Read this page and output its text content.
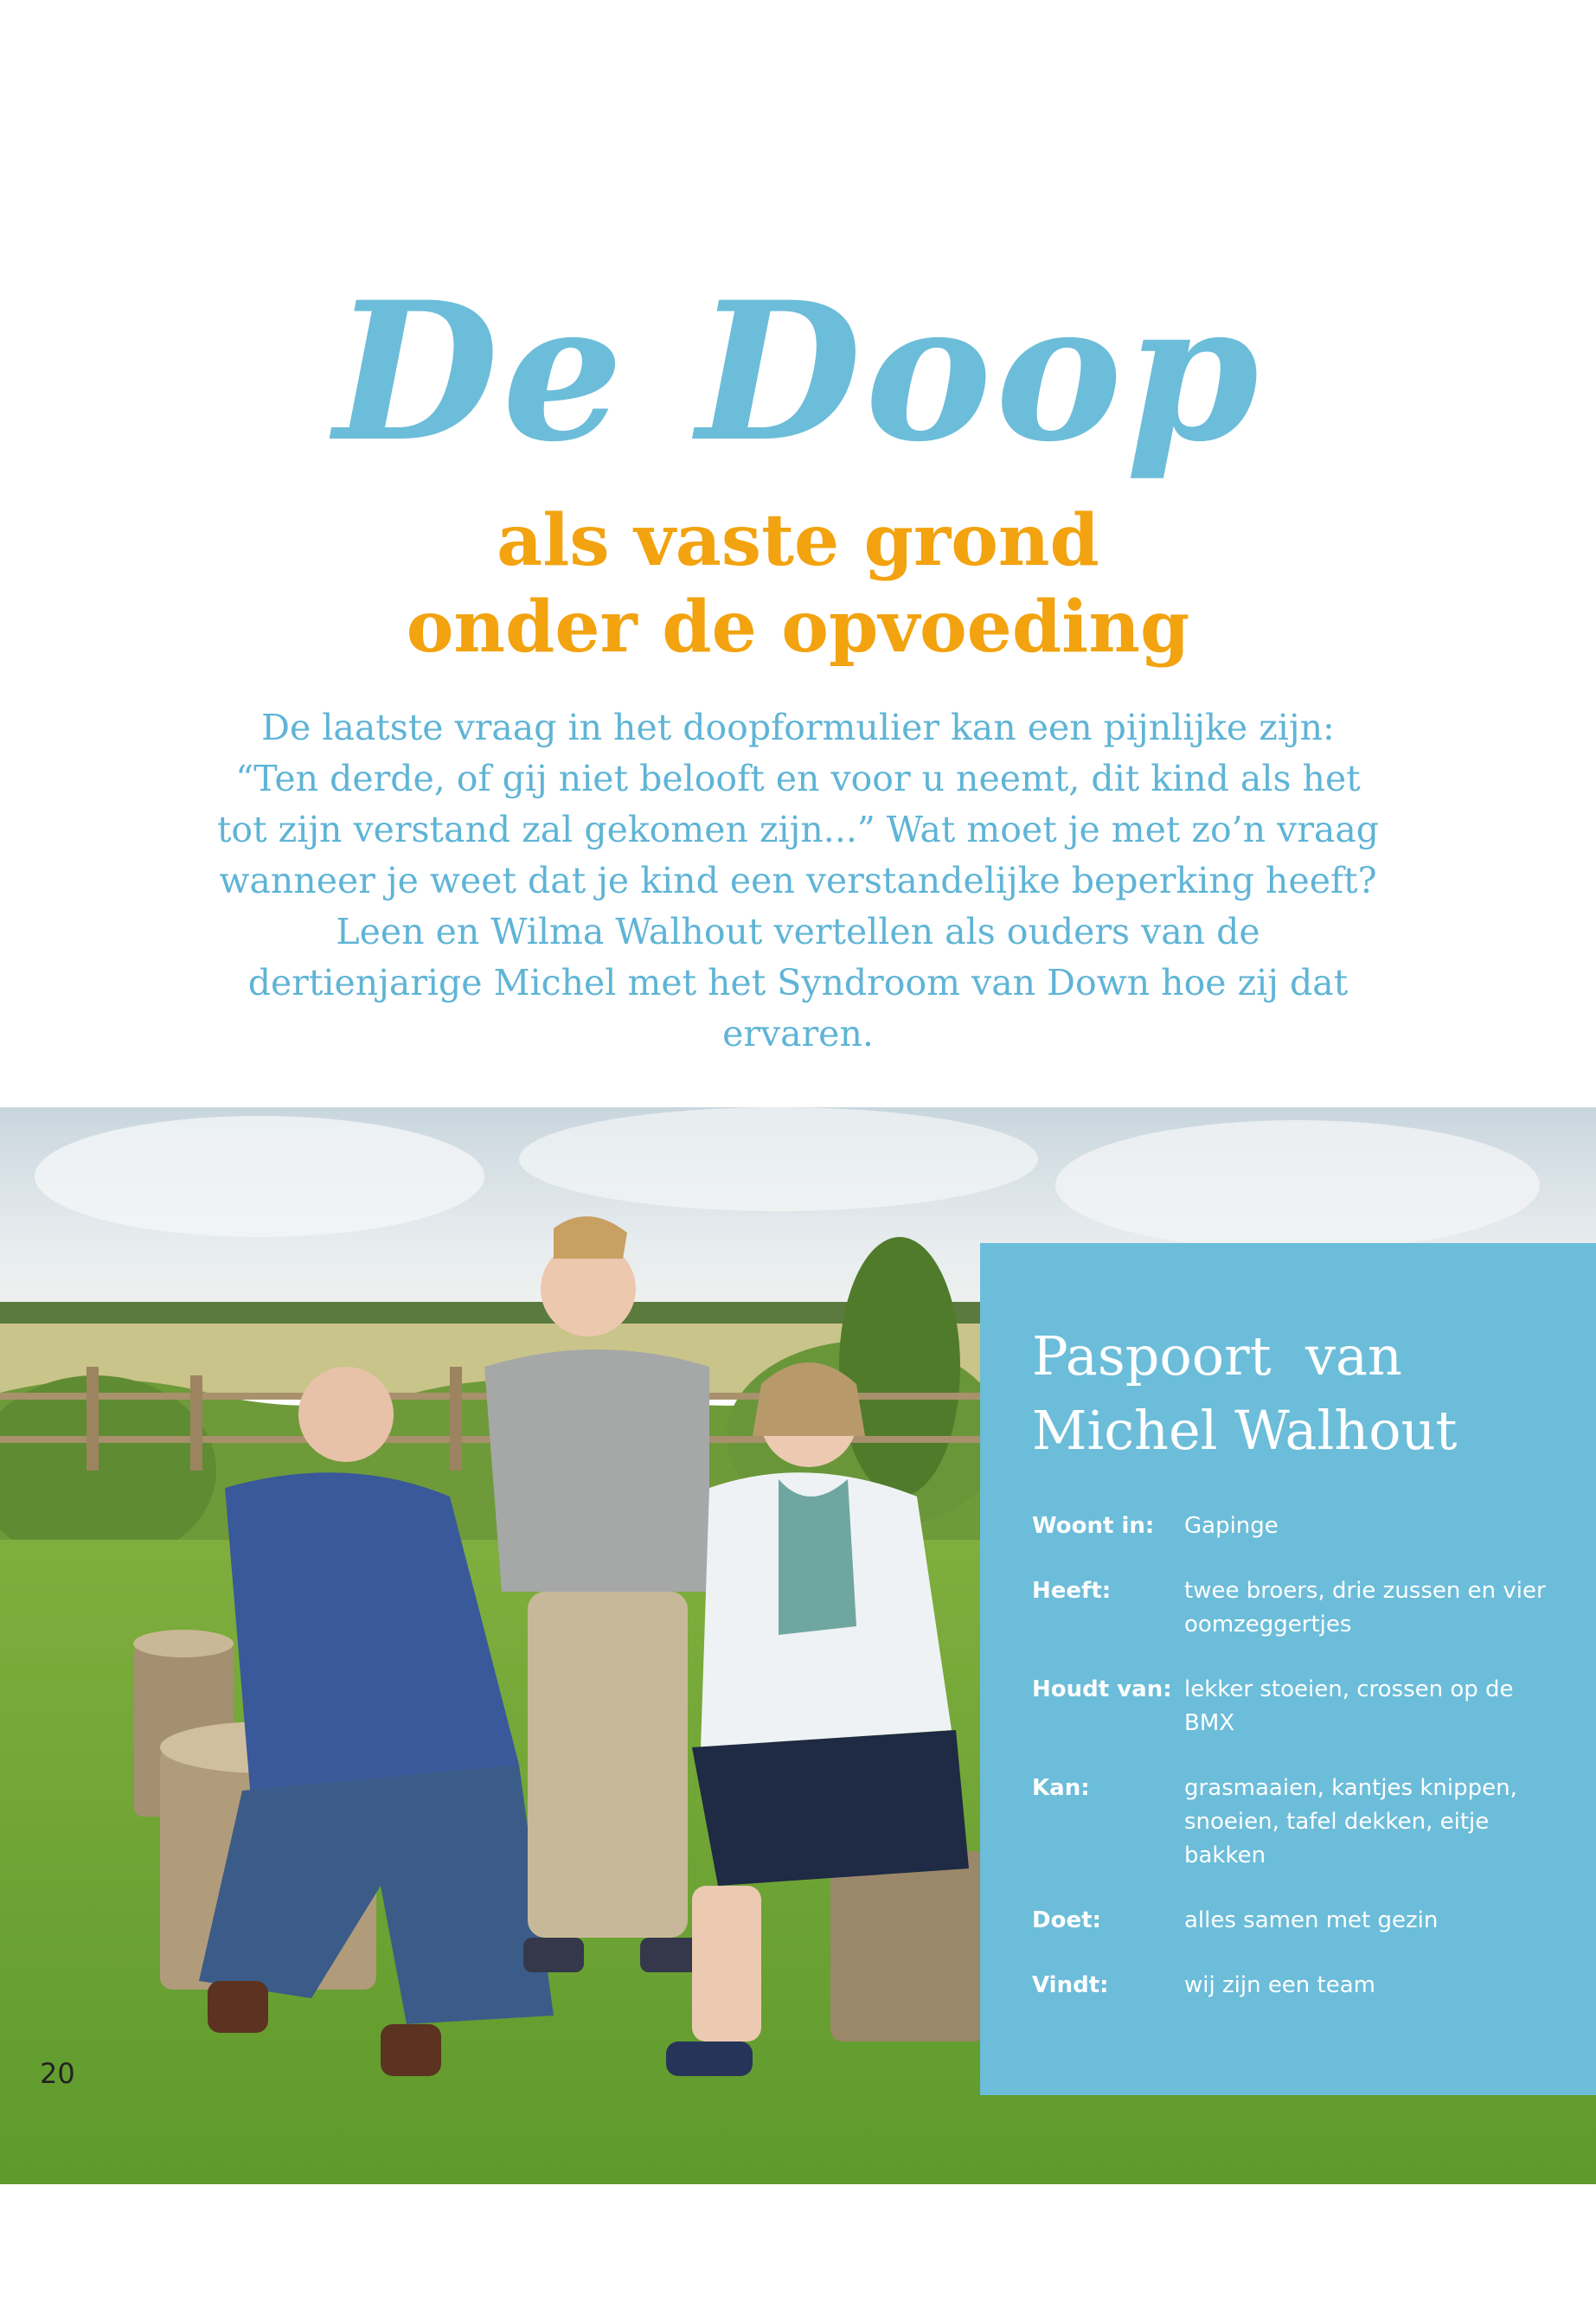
De Doop
als vaste grond
onder de opvoeding

De laatste vraag in het doopformulier kan een pijnlijke zijn: “Ten derde, of gij niet belooft en voor u neemt, dit kind als het tot zijn verstand zal gekomen zijn...” Wat moet je met zo’n vraag wanneer je weet dat je kind een verstandelijke beperking heeft?

Leen en Wilma Walhout vertellen als ouders van de dertienjarige Michel met het Syndroom van Down hoe zij dat ervaren.

Paspoort  van
Michel Walhout
Woont in:	Gapinge
Heeft:	twee broers, drie zussen en vier oomzeggertjes
Houdt van: lekker stoeien, crossen op de BMX
Kan:	grasmaaien, kantjes knippen, snoeien, tafel dekken, eitje bakken
Doet:	alles samen met gezin
Vindt:	wij zijn een team
20
